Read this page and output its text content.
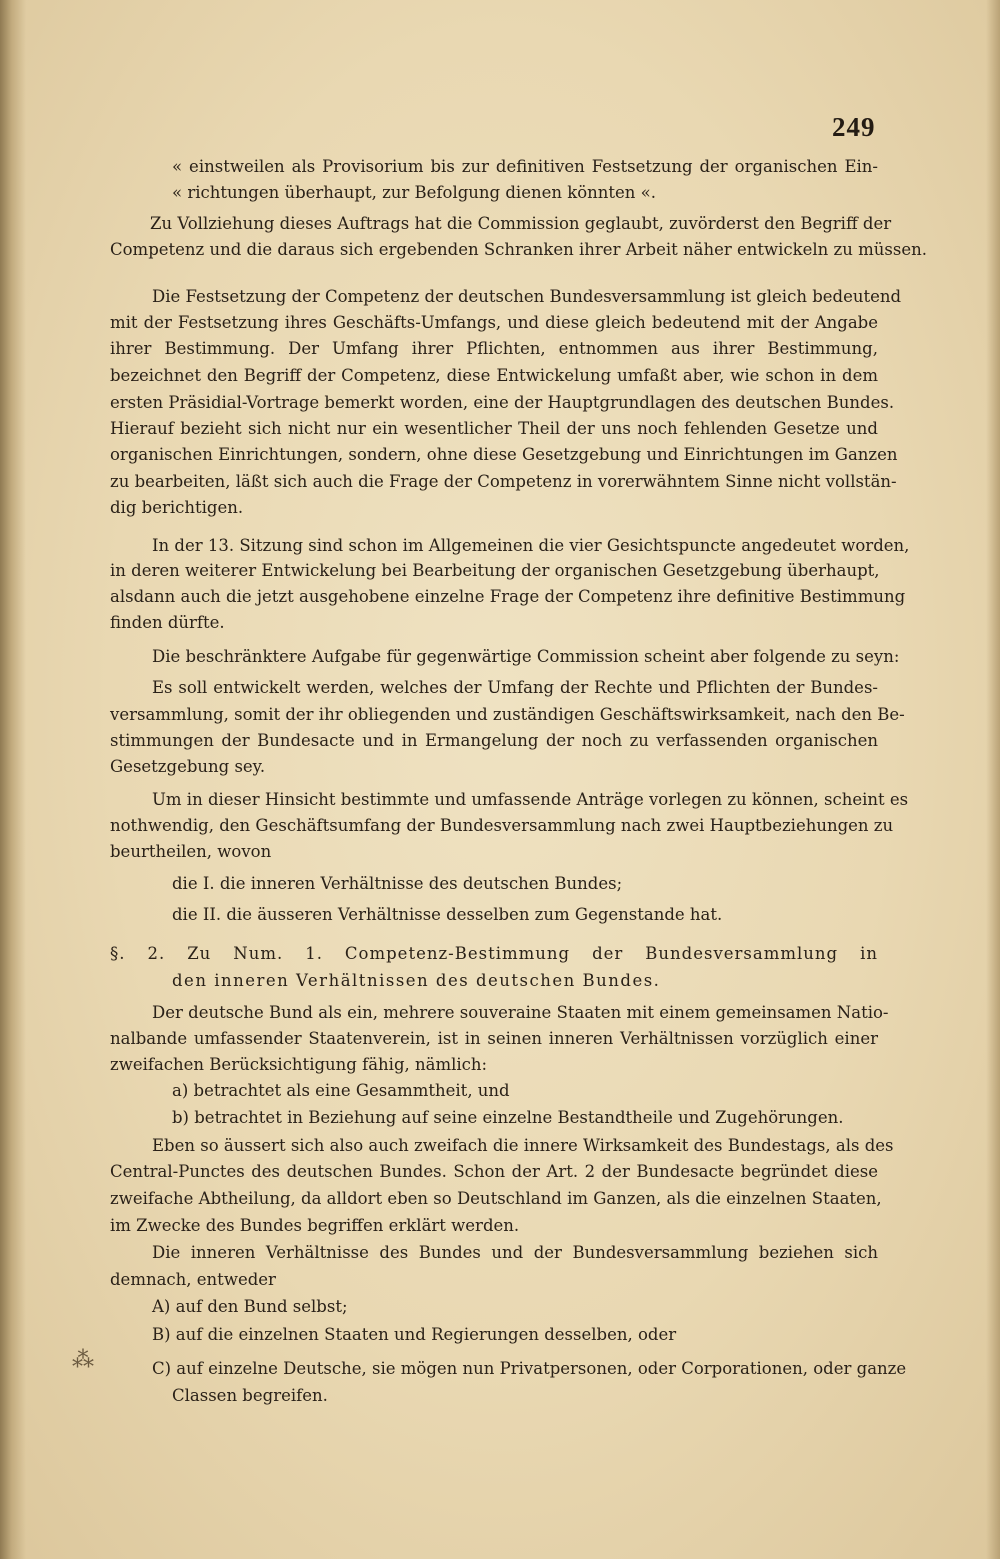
249
« einstweilen als Provisorium bis zur definitiven Festsetzung der organischen Ein-
« richtungen überhaupt, zur Befolgung dienen könnten «.
Zu Vollziehung dieses Auftrags hat die Commission geglaubt, zuvörderst den Begriff der
Competenz und die daraus sich ergebenden Schranken ihrer Arbeit näher entwickeln zu müssen.
Die Festsetzung der Competenz der deutschen Bundesversammlung ist gleich bedeutend
mit der Festsetzung ihres Geschäfts-Umfangs, und diese gleich bedeutend mit der Angabe
ihrer Bestimmung. Der Umfang ihrer Pflichten, entnommen aus ihrer Bestimmung,
bezeichnet den Begriff der Competenz, diese Entwickelung umfaßt aber, wie schon in dem
ersten Präsidial-Vortrage bemerkt worden, eine der Hauptgrundlagen des deutschen Bundes.
Hierauf bezieht sich nicht nur ein wesentlicher Theil der uns noch fehlenden Gesetze und
organischen Einrichtungen, sondern, ohne diese Gesetzgebung und Einrichtungen im Ganzen
zu bearbeiten, läßt sich auch die Frage der Competenz in vorerwähntem Sinne nicht vollstän-
dig berichtigen.
In der 13. Sitzung sind schon im Allgemeinen die vier Gesichtspuncte angedeutet worden,
in deren weiterer Entwickelung bei Bearbeitung der organischen Gesetzgebung überhaupt,
alsdann auch die jetzt ausgehobene einzelne Frage der Competenz ihre definitive Bestimmung
finden dürfte.
Die beschränktere Aufgabe für gegenwärtige Commission scheint aber folgende zu seyn:
Es soll entwickelt werden, welches der Umfang der Rechte und Pflichten der Bundes-
versammlung, somit der ihr obliegenden und zuständigen Geschäftswirksamkeit, nach den Be-
stimmungen der Bundesacte und in Ermangelung der noch zu verfassenden organischen
Gesetzgebung sey.
Um in dieser Hinsicht bestimmte und umfassende Anträge vorlegen zu können, scheint es
nothwendig, den Geschäftsumfang der Bundesversammlung nach zwei Hauptbeziehungen zu
beurtheilen, wovon
die I. die inneren Verhältnisse des deutschen Bundes;
die II. die äusseren Verhältnisse desselben zum Gegenstande hat.
§. 2. Zu Num. 1. Competenz-Bestimmung der Bundesversammlung in
den inneren Verhältnissen des deutschen Bundes.
Der deutsche Bund als ein, mehrere souveraine Staaten mit einem gemeinsamen Natio-
nalbande umfassender Staatenverein, ist in seinen inneren Verhältnissen vorzüglich einer
zweifachen Berücksichtigung fähig, nämlich:
a) betrachtet als eine Gesammtheit, und
b) betrachtet in Beziehung auf seine einzelne Bestandtheile und Zugehörungen.
Eben so äussert sich also auch zweifach die innere Wirksamkeit des Bundestags, als des
Central-Punctes des deutschen Bundes. Schon der Art. 2 der Bundesacte begründet diese
zweifache Abtheilung, da alldort eben so Deutschland im Ganzen, als die einzelnen Staaten,
im Zwecke des Bundes begriffen erklärt werden.
Die inneren Verhältnisse des Bundes und der Bundesversammlung beziehen sich
demnach, entweder
A) auf den Bund selbst;
B) auf die einzelnen Staaten und Regierungen desselben, oder
C) auf einzelne Deutsche, sie mögen nun Privatpersonen, oder Corporationen, oder ganze
Classen begreifen.
⁂
